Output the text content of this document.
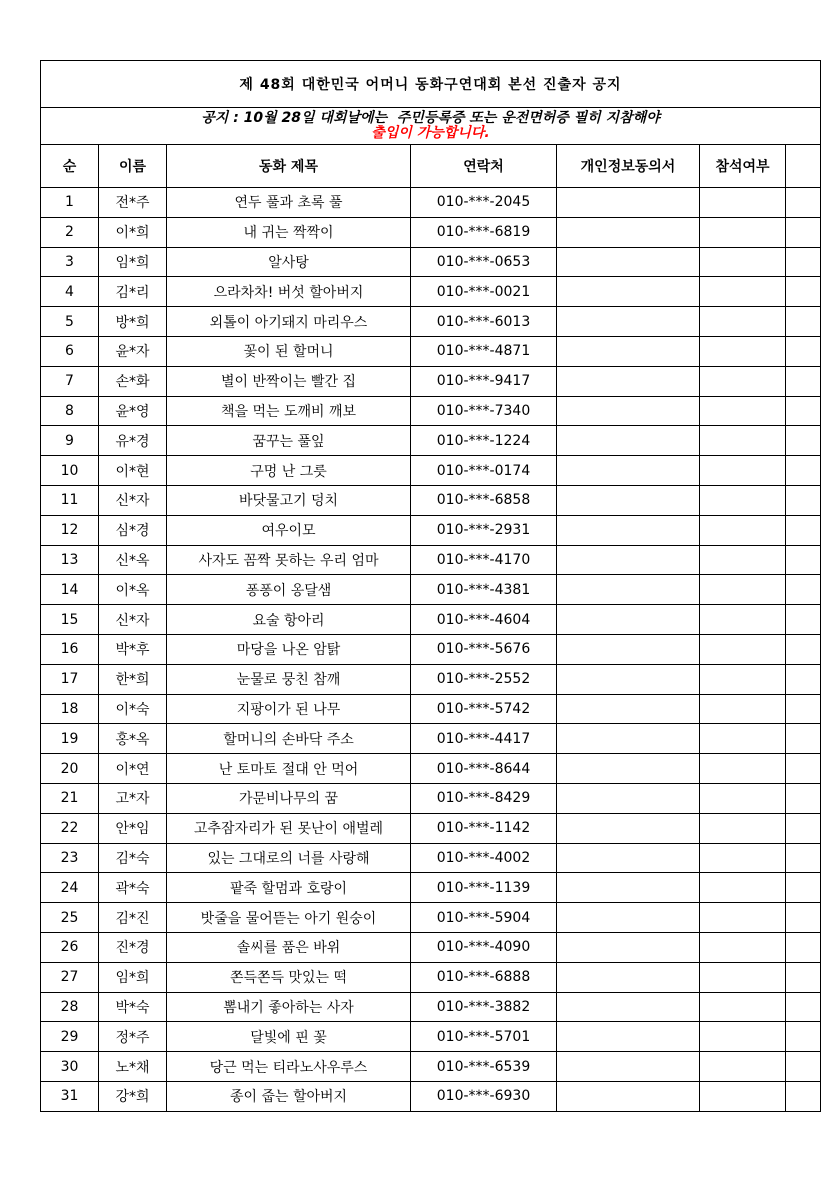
제 48회 대한민국 어머니 동화구연대회 본선 진출자 공지						

공지 : 10월 28일 대회날에는  주민등록증 또는 운전면허증 필히 지참해야
출입이 가능합니다.						

순	이름	동화 제목	연락처	개인정보동의서	참석여부	
1	전*주	연두 풀과 초록 풀	010-***-2045			
2	이*희	내 귀는 짝짝이	010-***-6819			
3	임*희	알사탕	010-***-0653			
4	김*리	으라차차! 버섯 할아버지	010-***-0021			
5	방*희	외톨이 아기돼지 마리우스	010-***-6013			
6	윤*자	꽃이 된 할머니	010-***-4871			
7	손*화	별이 반짝이는 빨간 집	010-***-9417			
8	윤*영	책을 먹는 도깨비 깨보	010-***-7340			
9	유*경	꿈꾸는 풀잎	010-***-1224			
10	이*현	구멍 난 그릇	010-***-0174			
11	신*자	바닷물고기 덩치	010-***-6858			
12	심*경	여우이모	010-***-2931			
13	신*옥	사자도 꼼짝 못하는 우리 엄마	010-***-4170			
14	이*옥	퐁퐁이 옹달샘	010-***-4381			
15	신*자	요술 항아리	010-***-4604			
16	박*후	마당을 나온 암탉	010-***-5676			
17	한*희	눈물로 뭉친 참깨	010-***-2552			
18	이*숙	지팡이가 된 나무	010-***-5742			
19	홍*옥	할머니의 손바닥 주소	010-***-4417			
20	이*연	난 토마토 절대 안 먹어	010-***-8644			
21	고*자	가문비나무의 꿈	010-***-8429			
22	안*임	고추잠자리가 된 못난이 애벌레	010-***-1142			
23	김*숙	있는 그대로의 너를 사랑해	010-***-4002			
24	곽*숙	팥죽 할멈과 호랑이	010-***-1139			
25	김*진	밧줄을 물어뜯는 아기 원숭이	010-***-5904			
26	진*경	솔씨를 품은 바위	010-***-4090			
27	임*희	쫀득쫀득 맛있는 떡	010-***-6888			
28	박*숙	뽐내기 좋아하는 사자	010-***-3882			
29	정*주	달빛에 핀 꽃	010-***-5701			
30	노*채	당근 먹는 티라노사우루스	010-***-6539			
31	강*희	종이 줍는 할아버지	010-***-6930			
